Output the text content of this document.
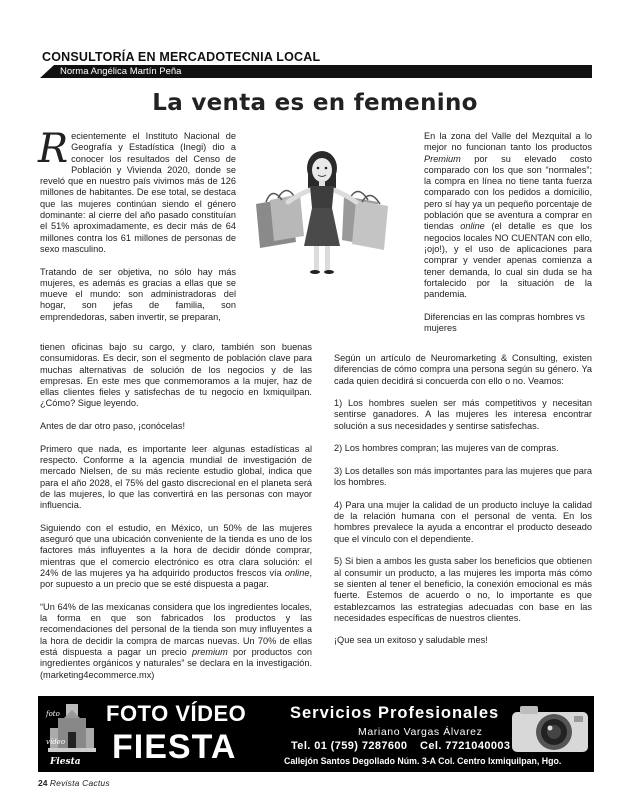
CONSULTORÍA EN MERCADOTECNIA LOCAL
Norma Angélica Martín Peña
La venta es en femenino

Recientemente el Instituto Nacional de Geografía y Estadística (Inegi) dio a conocer los resultados del Censo de Población y Vivienda 2020, donde se reveló que en nuestro país vivimos más de 126 millones de habitantes. De ese total, se destaca que las mujeres continúan siendo el género dominante: al cierre del año pasado constituían el 51% aproximadamente, es decir más de 64 millones contra los 61 millones de personas de sexo masculino.

Tratando de ser objetiva, no sólo hay más mujeres, es además es gracias a ellas que se mueve el mundo: son administradoras del hogar, son jefas de familia, son emprendedoras, saben invertir, se preparan,

En la zona del Valle del Mezquital a lo mejor no funcionan tanto los productos Premium por su elevado costo comparado con los que son “normales”; la compra en línea no tiene tanta fuerza comparado con los pedidos a domicilio, pero sí hay ya un pequeño porcentaje de población que se aventura a comprar en tiendas online (el detalle es que los negocios locales NO CUENTAN con ello, ¡ojo!), y el uso de aplicaciones para comprar y vender apenas comienza a tener demanda, lo cual sin duda se ha fortalecido por la situación de la pandemia.

Diferencias en las compras hombres vs mujeres

tienen oficinas bajo su cargo, y claro, también son buenas consumidoras. Es decir, son el segmento de población clave para muchas alternativas de solución de los negocios y de las empresas. En este mes que conmemoramos a la mujer, haz de ellas clientes fieles y satisfechas de tu negocio en Ixmiquilpan. ¿Cómo? Sigue leyendo.

Antes de dar otro paso, ¡conócelas!

Primero que nada, es importante leer algunas estadísticas al respecto. Conforme a la agencia mundial de investigación de mercado Nielsen, de su más reciente estudio global, indica que para el año 2028, el 75% del gasto discrecional en el planeta será de las mujeres, lo que las convertirá en las personas con mayor influencia.

Siguiendo con el estudio, en México, un 50% de las mujeres aseguró que una ubicación conveniente de la tienda es uno de los factores más influyentes a la hora de decidir dónde comprar, mientras que el comercio electrónico es otra clara solución: el 24% de las mujeres ya ha adquirido productos frescos vía online, por supuesto a un precio que se esté dispuesta a pagar.

“Un 64% de las mexicanas considera que los ingredientes locales, la forma en que son fabricados los productos y las recomendaciones del personal de la tienda son muy influyentes a la hora de decidir la compra de marcas nuevas. Un 70% de ellas está dispuesta a pagar un precio premium por productos con ingredientes orgánicos y naturales” se declara en la investigación. (marketing4ecommerce.mx)

Según un artículo de Neuromarketing & Consulting, existen diferencias de cómo compra una persona según su género. Ya cada quien decidirá si concuerda con ello o no. Veamos:

1) Los hombres suelen ser más competitivos y necesitan sentirse ganadores. A las mujeres les interesa encontrar solución a sus necesidades y sentirse satisfechas.

2) Los hombres compran; las mujeres van de compras.

3) Los detalles son más importantes para las mujeres que para los hombres.

4) Para una mujer la calidad de un producto incluye la calidad de la relación humana con el personal de venta. En los hombres prevalece la ayuda a encontrar el producto deseado que el vínculo con el dependiente.

5) Si bien a ambos les gusta saber los beneficios que obtienen al consumir un producto, a las mujeres les importa más cómo se sienten al tener el beneficio, la conexión emocional es más fuerte. Estemos de acuerdo o no, lo importante es que establezcamos las estrategias adecuadas con base en las necesidades específicas de nuestros clientes.

¡Que sea un exitoso y saludable mes!

foto
vídeo
Fiesta
FOTO VÍDEO
FIESTA
Servicios Profesionales
Mariano Vargas Álvarez
Tel. 01 (759) 7287600 Cel. 7721040003
Callejón Santos Degollado Núm. 3-A Col. Centro Ixmiquilpan, Hgo.
24 Revista Cactus
